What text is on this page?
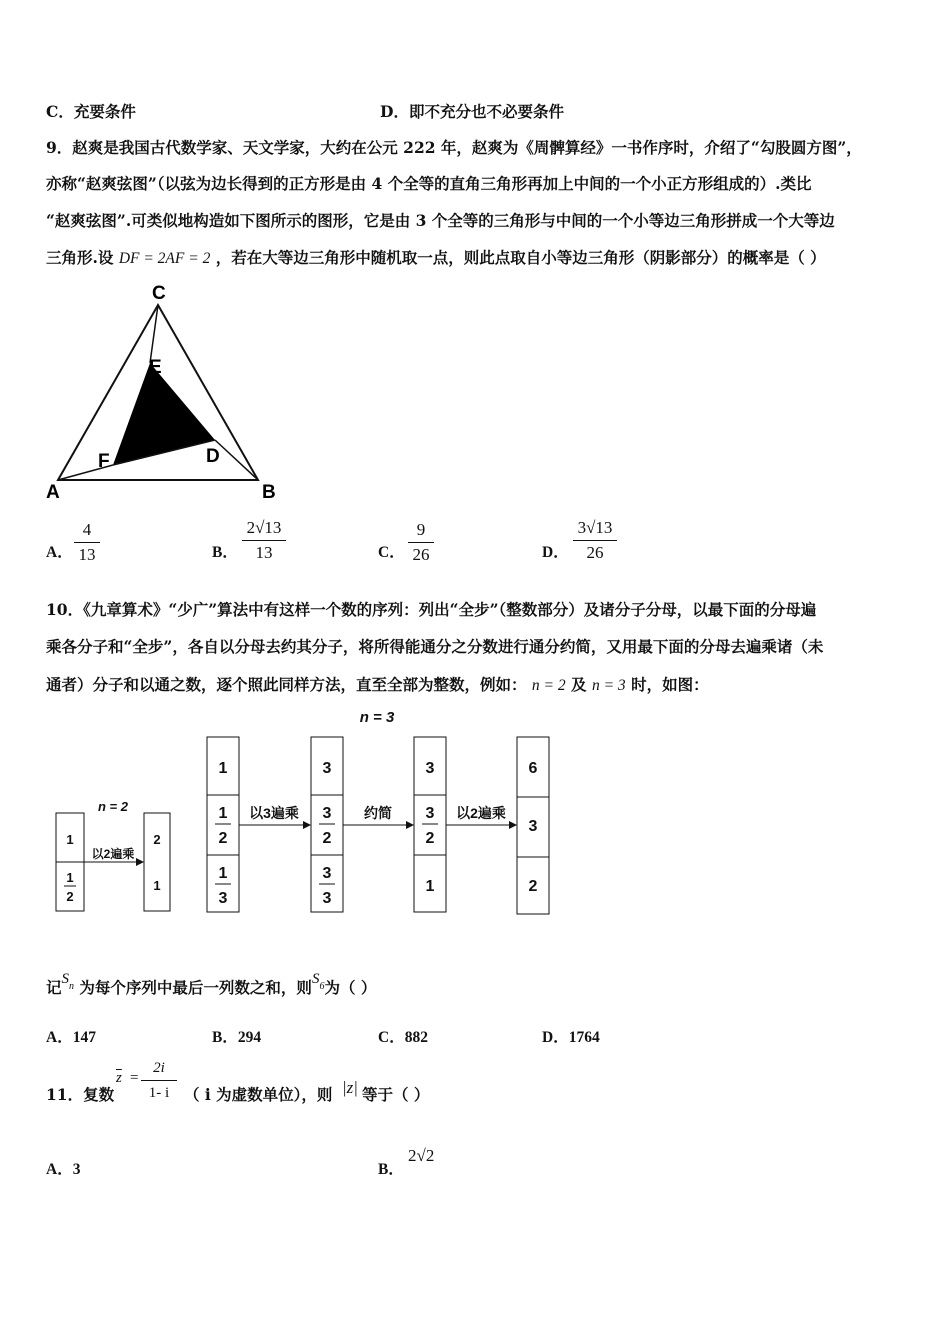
C．充要条件	D．即不充分也不必要条件
9．赵爽是我国古代数学家、天文学家，大约在公元 222 年，赵爽为《周髀算经》一书作序时，介绍了“勾股圆方图”，
亦称“赵爽弦图”（以弦为边长得到的正方形是由 4 个全等的直角三角形再加上中间的一个小正方形组成的）.类比
“赵爽弦图”.可类似地构造如下图所示的图形，它是由 3 个全等的三角形与中间的一个小等边三角形拼成一个大等边
三角形.设 DF = 2AF = 2 ，若在大等边三角形中随机取一点，则此点取自小等边三角形（阴影部分）的概率是（ ）
C
E
F	D
A	B
A．
4
13	B．
2√13
13	C．
9
26	D．
3√13
26
10．《九章算术》“少广”算法中有这样一个数的序列：列出“全步”（整数部分）及诸分子分母，以最下面的分母遍
乘各分子和“全步”，各自以分母去约其分子，将所得能通分之分数进行通分约简，又用最下面的分母去遍乘诸（未
通者）分子和以通之数，逐个照此同样方法，直至全部为整数，例如： n = 2 及 n = 3 时，如图：
n = 2
1
1
2
以2遍乘
2
1
n = 3
1
1
2
1
3
以3遍乘
3
3
2
3
3
约简
3
3
2
1
以2遍乘
6
3
2
记$S^n$ 为每个序列中最后一列数之和，则$S^6$为（ ）
A．147	B．294	C．882	D．1764
11．复数
$\overline{z}$ =
2i
1- i （ i 为虚数单位），则 |z| 等于（ ）
A．3	B．
2√2
